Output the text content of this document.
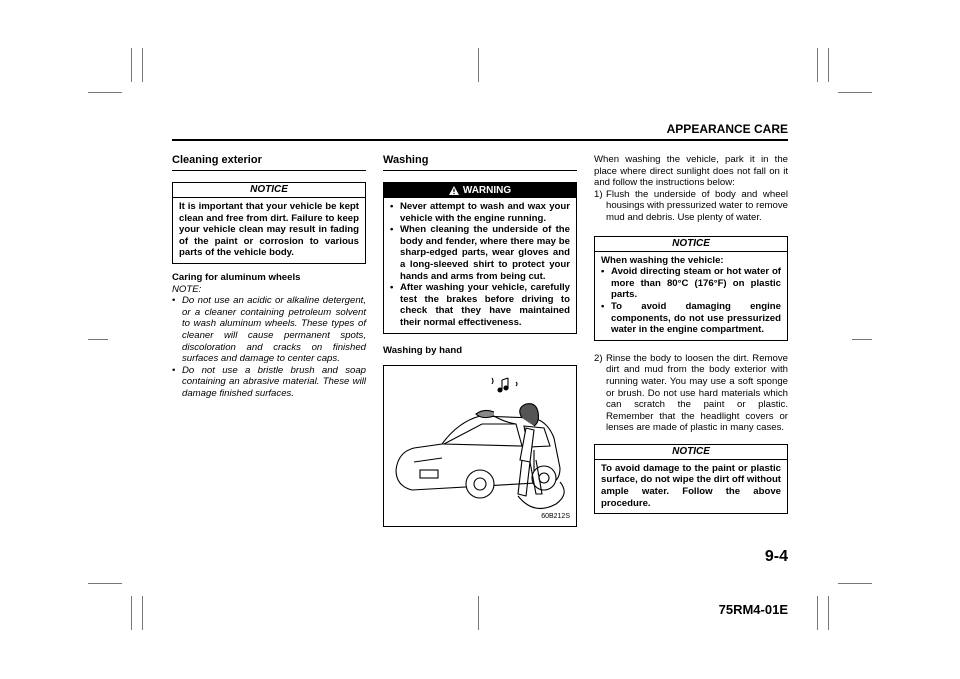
APPEARANCE CARE
9-4
75RM4-01E
Cleaning exterior
NOTICE
It is important that your vehicle be kept clean and free from dirt. Failure to keep your vehicle clean may result in fading of the paint or corrosion to various parts of the vehicle body.
Caring for aluminum wheels
NOTE:
• Do not use an acidic or alkaline detergent, or a cleaner containing petroleum solvent to wash aluminum wheels. These types of cleaner will cause permanent spots, discoloration and cracks on finished surfaces and damage to center caps.
• Do not use a bristle brush and soap containing an abrasive material. These will damage finished surfaces.
Washing
WARNING
• Never attempt to wash and wax your vehicle with the engine running.
• When cleaning the underside of the body and fender, where there may be sharp-edged parts, wear gloves and a long-sleeved shirt to protect your hands and arms from being cut.
• After washing your vehicle, carefully test the brakes before driving to check that they have maintained their normal effectiveness.
Washing by hand
60B212S
When washing the vehicle, park it in the place where direct sunlight does not fall on it and follow the instructions below:
1) Flush the underside of body and wheel housings with pressurized water to remove mud and debris. Use plenty of water.
NOTICE
When washing the vehicle:
• Avoid directing steam or hot water of more than 80°C (176°F) on plastic parts.
• To avoid damaging engine components, do not use pressurized water in the engine compartment.
2) Rinse the body to loosen the dirt. Remove dirt and mud from the body exterior with running water. You may use a soft sponge or brush. Do not use hard materials which can scratch the paint or plastic. Remember that the headlight covers or lenses are made of plastic in many cases.
NOTICE
To avoid damage to the paint or plastic surface, do not wipe the dirt off without ample water. Follow the above procedure.
